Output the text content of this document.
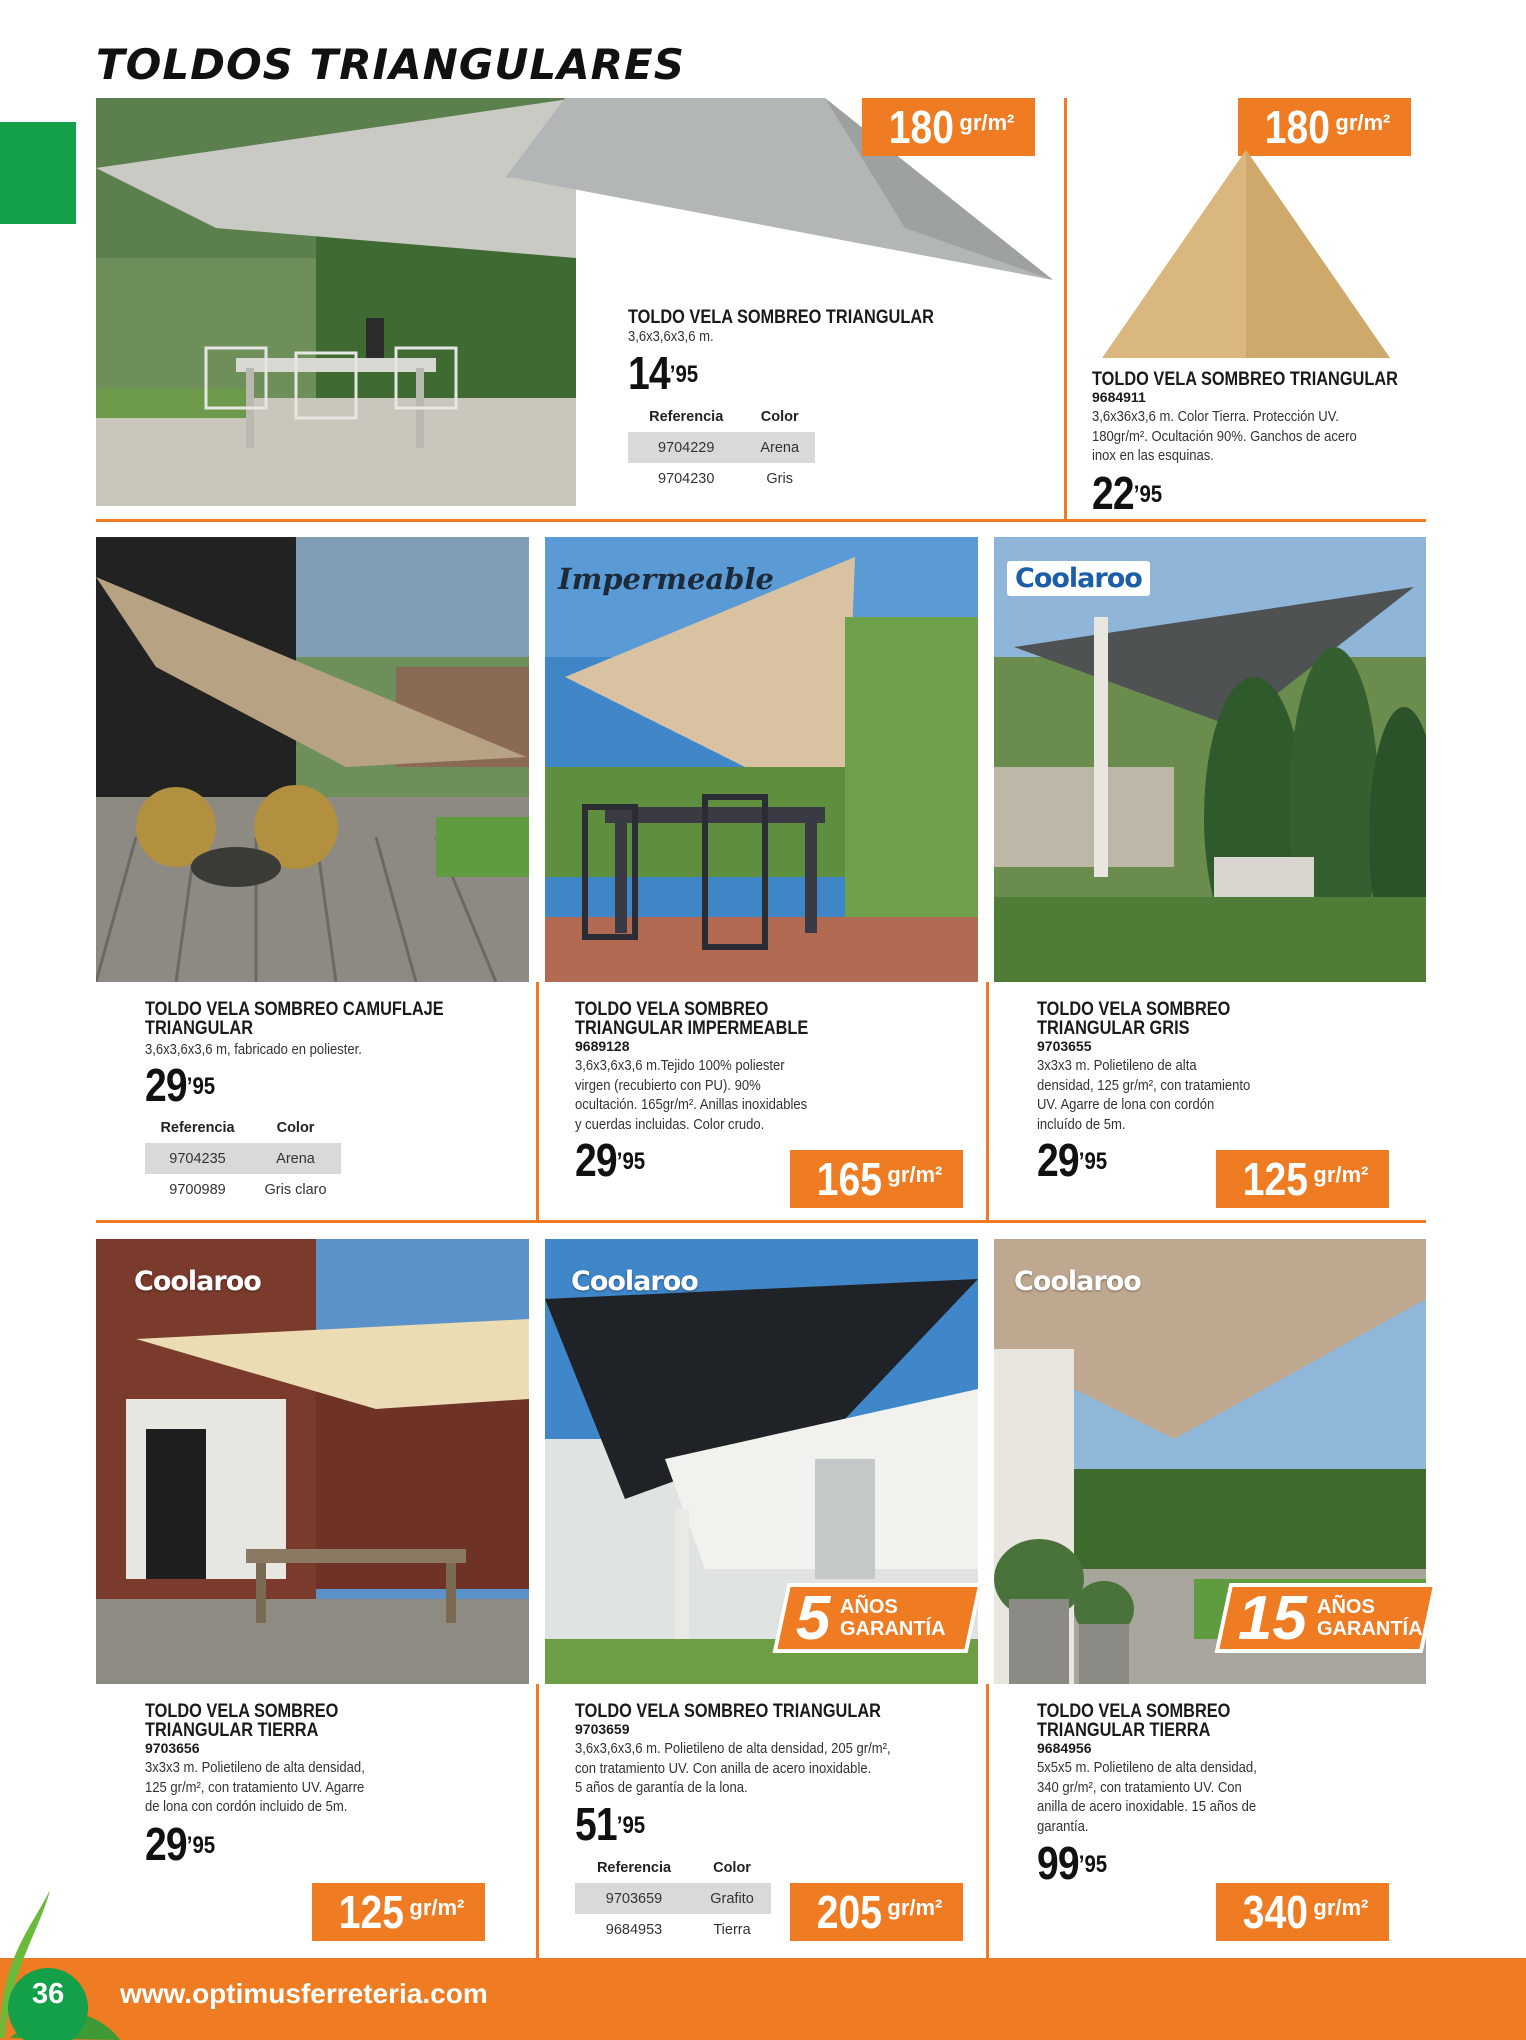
TOLDOS TRIANGULARES
180 $^{gr/m^2}$
TOLDO VELA SOMBREO TRIANGULAR
3,6x3,6x3,6 m.
$14^{’95}$
Referencia	Color
9704229	Arena
9704230	Gris
180 $^{gr/m^2}$
TOLDO VELA SOMBREO TRIANGULAR
9684911
3,6x36x3,6 m. Color Tierra. Protección UV.
180gr/m². Ocultación 90%. Ganchos de acero
inox en las esquinas.
$22^{’95}$
TOLDO VELA SOMBREO CAMUFLAJE
TRIANGULAR
3,6x3,6x3,6 m, fabricado en poliester.
$29^{’95}$
Referencia	Color
9704235	Arena
9700989	Gris claro
Impermeable
TOLDO VELA SOMBREO
TRIANGULAR IMPERMEABLE
9689128
3,6x3,6x3,6 m.Tejido 100% poliester
virgen (recubierto con PU). 90%
ocultación. 165gr/m². Anillas inoxidables
y cuerdas incluidas. Color crudo.
$29^{’95}$	165 $^{gr/m^2}$
Coolaroo
TOLDO VELA SOMBREO
TRIANGULAR GRIS
9703655
3x3x3 m. Polietileno de alta
densidad, 125 gr/m², con tratamiento
UV. Agarre de lona con cordón
incluído de 5m.
$29^{’95}$	125 $^{gr/m^2}$
Coolaroo
TOLDO VELA SOMBREO
TRIANGULAR TIERRA
9703656
3x3x3 m. Polietileno de alta densidad,
125 gr/m², con tratamiento UV. Agarre
de lona con cordón incluido de 5m.
$29^{’95}$
125 $^{gr/m^2}$
Coolaroo
5 AÑOS GARANTÍA
TOLDO VELA SOMBREO TRIANGULAR
9703659
3,6x3,6x3,6 m. Polietileno de alta densidad, 205 gr/m²,
con tratamiento UV. Con anilla de acero inoxidable.
5 años de garantía de la lona.
$51^{’95}$
Referencia	Color
9703659	Grafito
9684953	Tierra 205 $^{gr/m^2}$
Coolaroo
15 AÑOS GARANTÍA
TOLDO VELA SOMBREO
TRIANGULAR TIERRA
9684956
5x5x5 m. Polietileno de alta densidad,
340 gr/m², con tratamiento UV. Con
anilla de acero inoxidable. 15 años de
garantía.
$99^{’95}$
340 $^{gr/m^2}$
36 www.optimusferreteria.com
